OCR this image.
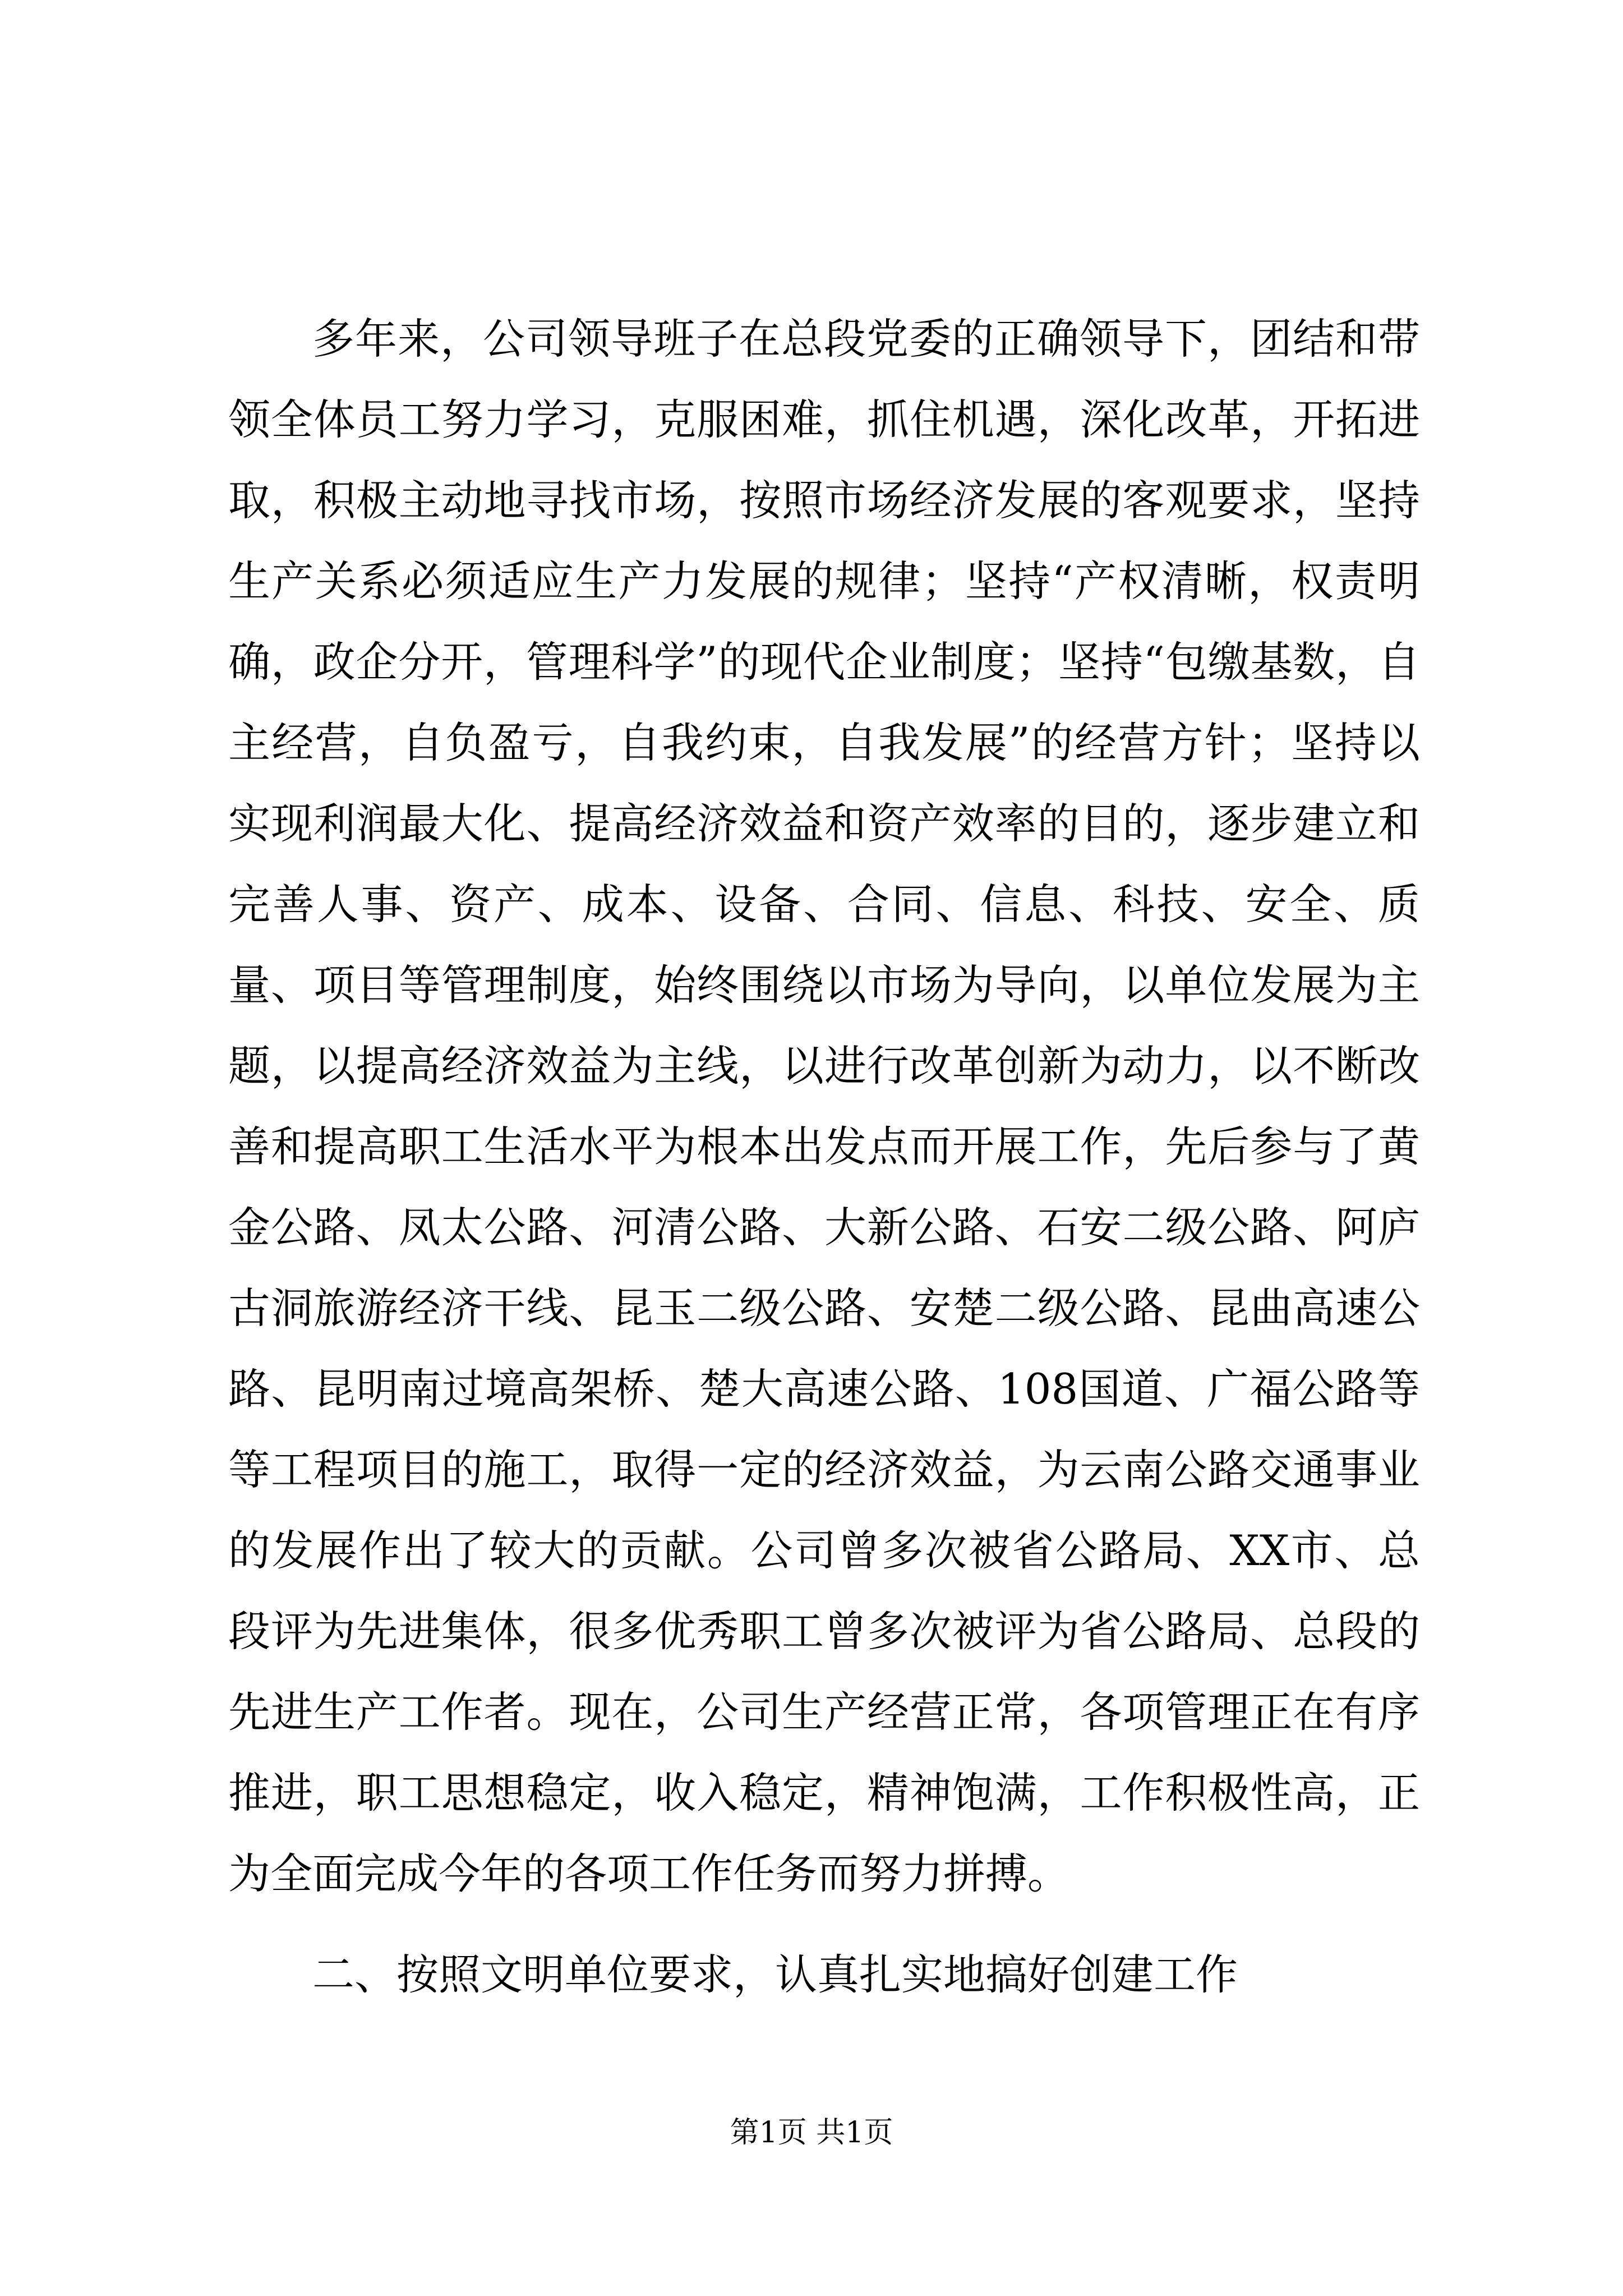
多年来，公司领导班子在总段党委的正确领导下，团结和带领全体员工努力学习，克服困难，抓住机遇，深化改革，开拓进取，积极主动地寻找市场，按照市场经济发展的客观要求，坚持生产关系必须适应生产力发展的规律；坚持“产权清晰，权责明确，政企分开，管理科学”的现代企业制度；坚持“包缴基数，自主经营，自负盈亏，自我约束，自我发展”的经营方针；坚持以实现利润最大化、提高经济效益和资产效率的目的，逐步建立和完善人事、资产、成本、设备、合同、信息、科技、安全、质量、项目等管理制度，始终围绕以市场为导向，以单位发展为主题，以提高经济效益为主线，以进行改革创新为动力，以不断改善和提高职工生活水平为根本出发点而开展工作，先后参与了黄金公路、凤太公路、河清公路、大新公路、石安二级公路、阿庐古洞旅游经济干线、昆玉二级公路、安楚二级公路、昆曲高速公路、昆明南过境高架桥、楚大高速公路、108国道、广福公路等等工程项目的施工，取得一定的经济效益，为云南公路交通事业的发展作出了较大的贡献。公司曾多次被省公路局、XX市、总段评为先进集体，很多优秀职工曾多次被评为省公路局、总段的先进生产工作者。现在，公司生产经营正常，各项管理正在有序推进，职工思想稳定，收入稳定，精神饱满，工作积极性高，正为全面完成今年的各项工作任务而努力拼搏。

二、按照文明单位要求，认真扎实地搞好创建工作

第1页 共1页
